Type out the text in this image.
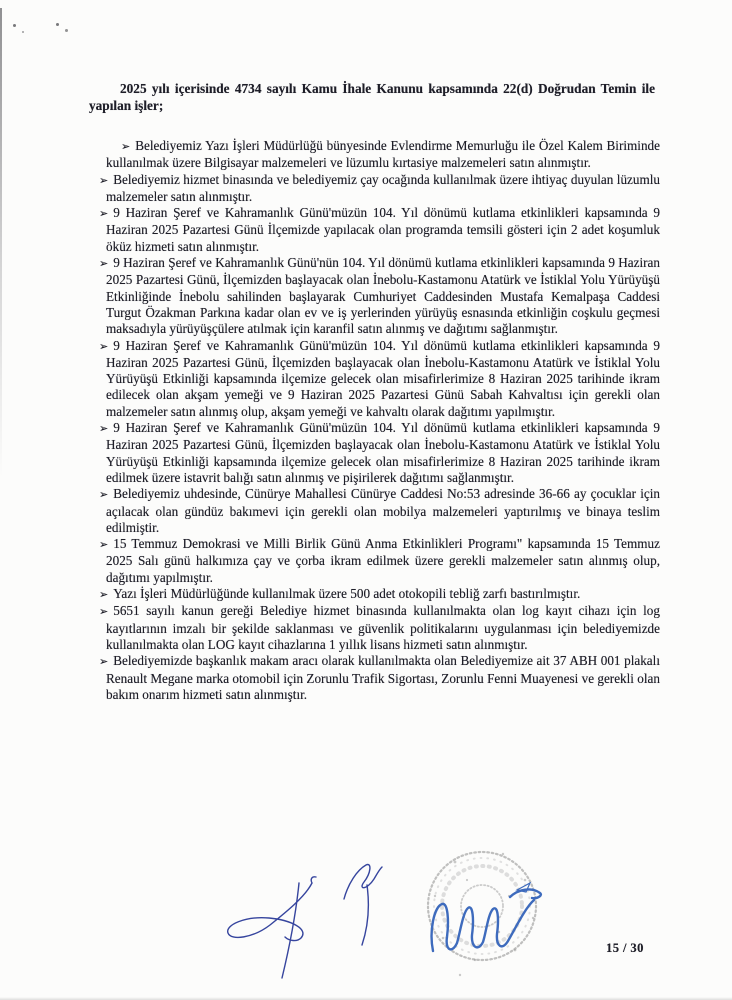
2025 yılı içerisinde 4734 sayılı Kamu İhale Kanunu kapsamında 22(d) Doğrudan Temin ile yapılan işler;
➢ Belediyemiz Yazı İşleri Müdürlüğü bünyesinde Evlendirme Memurluğu ile Özel Kalem Biriminde kullanılmak üzere Bilgisayar malzemeleri ve lüzumlu kırtasiye malzemeleri satın alınmıştır.
➢ Belediyemiz hizmet binasında ve belediyemiz çay ocağında kullanılmak üzere ihtiyaç duyulan lüzumlu malzemeler satın alınmıştır.
➢ 9 Haziran Şeref ve Kahramanlık Günü'müzün 104. Yıl dönümü kutlama etkinlikleri kapsamında 9 Haziran 2025 Pazartesi Günü İlçemizde yapılacak olan programda temsili gösteri için 2 adet koşumluk öküz hizmeti satın alınmıştır.
➢ 9 Haziran Şeref ve Kahramanlık Günü'nün 104. Yıl dönümü kutlama etkinlikleri kapsamında 9 Haziran 2025 Pazartesi Günü, İlçemizden başlayacak olan İnebolu-Kastamonu Atatürk ve İstiklal Yolu Yürüyüşü Etkinliğinde İnebolu sahilinden başlayarak Cumhuriyet Caddesinden Mustafa Kemalpaşa Caddesi Turgut Özakman Parkına kadar olan ev ve iş yerlerinden yürüyüş esnasında etkinliğin coşkulu geçmesi maksadıyla yürüyüşçülere atılmak için karanfil satın alınmış ve dağıtımı sağlanmıştır.
➢ 9 Haziran Şeref ve Kahramanlık Günü'müzün 104. Yıl dönümü kutlama etkinlikleri kapsamında 9 Haziran 2025 Pazartesi Günü, İlçemizden başlayacak olan İnebolu-Kastamonu Atatürk ve İstiklal Yolu Yürüyüşü Etkinliği kapsamında ilçemize gelecek olan misafirlerimize 8 Haziran 2025 tarihinde ikram edilecek olan akşam yemeği ve 9 Haziran 2025 Pazartesi Günü Sabah Kahvaltısı için gerekli olan malzemeler satın alınmış olup, akşam yemeği ve kahvaltı olarak dağıtımı yapılmıştır.
➢ 9 Haziran Şeref ve Kahramanlık Günü'müzün 104. Yıl dönümü kutlama etkinlikleri kapsamında 9 Haziran 2025 Pazartesi Günü, İlçemizden başlayacak olan İnebolu-Kastamonu Atatürk ve İstiklal Yolu Yürüyüşü Etkinliği kapsamında ilçemize gelecek olan misafirlerimize 8 Haziran 2025 tarihinde ikram edilmek üzere istavrit balığı satın alınmış ve pişirilerek dağıtımı sağlanmıştır.
➢ Belediyemiz uhdesinde, Cünürye Mahallesi Cünürye Caddesi No:53 adresinde 36-66 ay çocuklar için açılacak olan gündüz bakımevi için gerekli olan mobilya malzemeleri yaptırılmış ve binaya teslim edilmiştir.
➢ 15 Temmuz Demokrasi ve Milli Birlik Günü Anma Etkinlikleri Programı" kapsamında 15 Temmuz 2025 Salı günü halkımıza çay ve çorba ikram edilmek üzere gerekli malzemeler satın alınmış olup, dağıtımı yapılmıştır.
➢ Yazı İşleri Müdürlüğünde kullanılmak üzere 500 adet otokopili tebliğ zarfı bastırılmıştır.
➢ 5651 sayılı kanun gereği Belediye hizmet binasında kullanılmakta olan log kayıt cihazı için log kayıtlarının imzalı bir şekilde saklanması ve güvenlik politikalarını uygulanması için belediyemizde kullanılmakta olan LOG kayıt cihazlarına 1 yıllık lisans hizmeti satın alınmıştır.
➢ Belediyemizde başkanlık makam aracı olarak kullanılmakta olan Belediyemize ait 37 ABH 001 plakalı Renault Megane marka otomobil için Zorunlu Trafik Sigortası, Zorunlu Fenni Muayenesi ve gerekli olan bakım onarım hizmeti satın alınmıştır.
15 / 30
